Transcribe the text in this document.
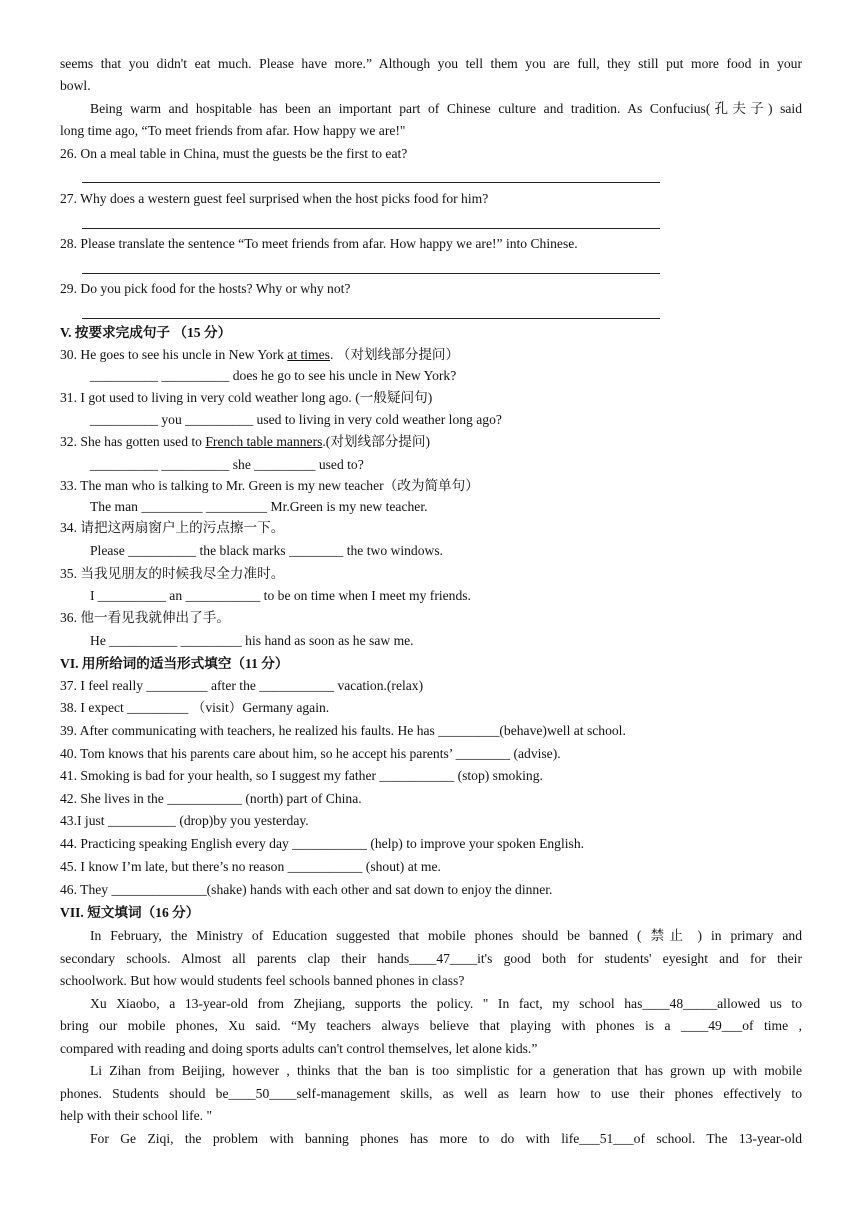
seems that you didn't eat much. Please have more.” Although you tell them you are full, they still put more food in your
bowl.
Being warm and hospitable has been an important part of Chinese culture and tradition. As Confucius(孔夫子) said
long time ago, “To meet friends from afar. How happy we are!"
26. On a meal table in China, must the guests be the first to eat?
27. Why does a western guest feel surprised when the host picks food for him?
28. Please translate the sentence “To meet friends from afar. How happy we are!” into Chinese.
29. Do you pick food for the hosts? Why or why not?
V. 按要求完成句子 （15 分）
30. He goes to see his uncle in New York at times. （对划线部分提问）
__________ __________ does he go to see his uncle in New York?
31. I got used to living in very cold weather long ago. (一般疑问句)
__________ you __________ used to living in very cold weather long ago?
32. She has gotten used to French table manners.(对划线部分提问)
__________ __________ she _________ used to?
33. The man who is talking to Mr. Green is my new teacher（改为简单句）
The man _________ _________ Mr.Green is my new teacher.
34. 请把这两扇窗户上的污点擦一下。
Please __________ the black marks ________ the two windows.
35. 当我见朋友的时候我尽全力准时。
I __________ an ___________ to be on time when I meet my friends.
36. 他一看见我就伸出了手。
He __________ _________ his hand as soon as he saw me.
VI. 用所给词的适当形式填空（11 分）
37. I feel really _________ after the ___________ vacation.(relax)
38. I expect _________ （visit）Germany again.
39. After communicating with teachers, he realized his faults. He has _________(behave)well at school.
40. Tom knows that his parents care about him, so he accept his parents’ ________ (advise).
41. Smoking is bad for your health, so I suggest my father ___________ (stop) smoking.
42. She lives in the ___________ (north) part of China.
43.I just __________ (drop)by you yesterday.
44. Practicing speaking English every day ___________ (help) to improve your spoken English.
45. I know I’m late, but there’s no reason ___________ (shout) at me.
46. They ______________(shake) hands with each other and sat down to enjoy the dinner.
VII. 短文填词（16 分）
In February, the Ministry of Education suggested that mobile phones should be banned ( 禁止 ) in primary and
secondary schools. Almost all parents clap their hands____47____it's good both for students' eyesight and for their
schoolwork. But how would students feel schools banned phones in class?
Xu Xiaobo, a 13-year-old from Zhejiang, supports the policy. " In fact, my school has____48_____allowed us to
bring our mobile phones, Xu said. “My teachers always believe that playing with phones is a ____49___of time ,
compared with reading and doing sports adults can't control themselves, let alone kids.”
Li Zihan from Beijing, however , thinks that the ban is too simplistic for a generation that has grown up with mobile
phones. Students should be____50____self-management skills, as well as learn how to use their phones effectively to
help with their school life. "
For Ge Ziqi, the problem with banning phones has more to do with life___51___of school. The 13-year-old
